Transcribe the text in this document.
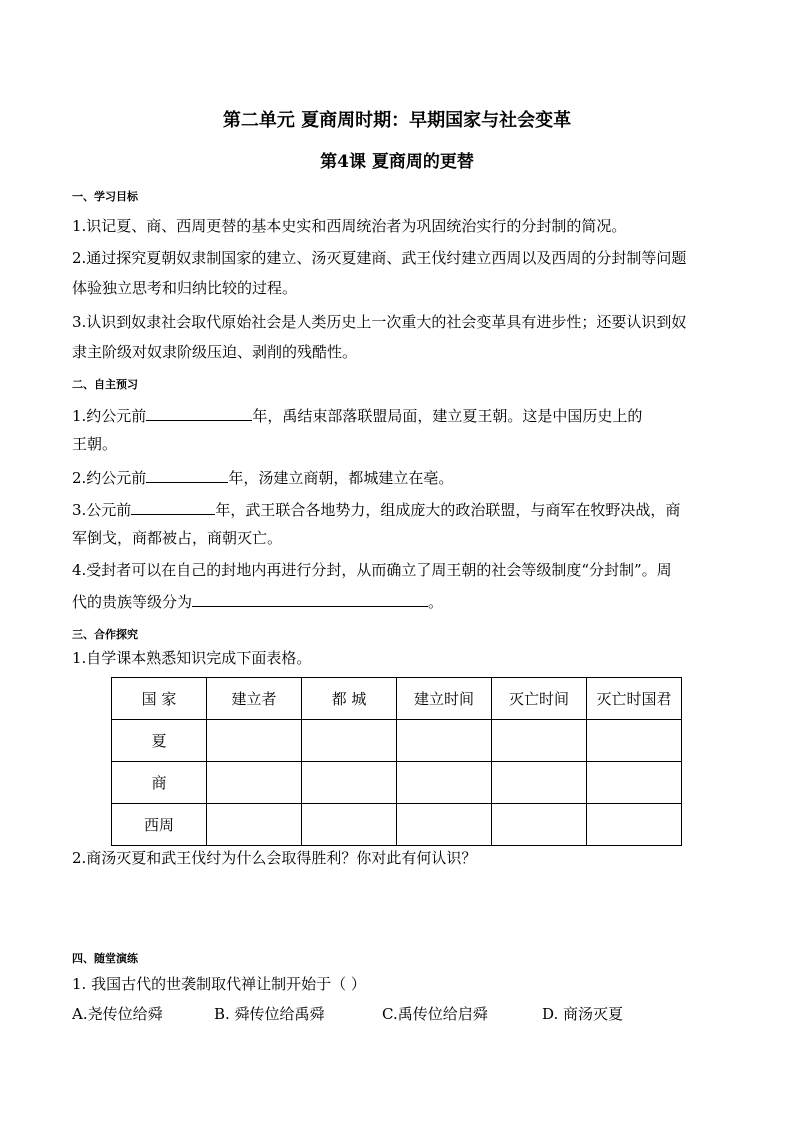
第二单元 夏商周时期：早期国家与社会变革
第4课 夏商周的更替
一、学习目标
1.识记夏、商、西周更替的基本史实和西周统治者为巩固统治实行的分封制的简况。
2.通过探究夏朝奴隶制国家的建立、汤灭夏建商、武王伐纣建立西周以及西周的分封制等问题
体验独立思考和归纳比较的过程。
3.认识到奴隶社会取代原始社会是人类历史上一次重大的社会变革具有进步性；还要认识到奴
隶主阶级对奴隶阶级压迫、剥削的残酷性。
二、自主预习
1.约公元前	年，禹结束部落联盟局面，建立夏王朝。这是中国历史上的
王朝。
2.约公元前	年，汤建立商朝，都城建立在亳。
3.公元前	年，武王联合各地势力，组成庞大的政治联盟，与商军在牧野决战，商
军倒戈，商都被占，商朝灭亡。
4.受封者可以在自己的封地内再进行分封，从而确立了周王朝的社会等级制度“分封制”。周
代的贵族等级分为	。
三、合作探究
1.自学课本熟悉知识完成下面表格。
国 家	建立者	都 城	建立时间	灭亡时间	灭亡时国君
夏					
商					
西周					
2.商汤灭夏和武王伐纣为什么会取得胜利？你对此有何认识？
四、随堂演练
1. 我国古代的世袭制取代禅让制开始于（ ）
A.尧传位给舜	B. 舜传位给禹舜	C.禹传位给启舜	D. 商汤灭夏
